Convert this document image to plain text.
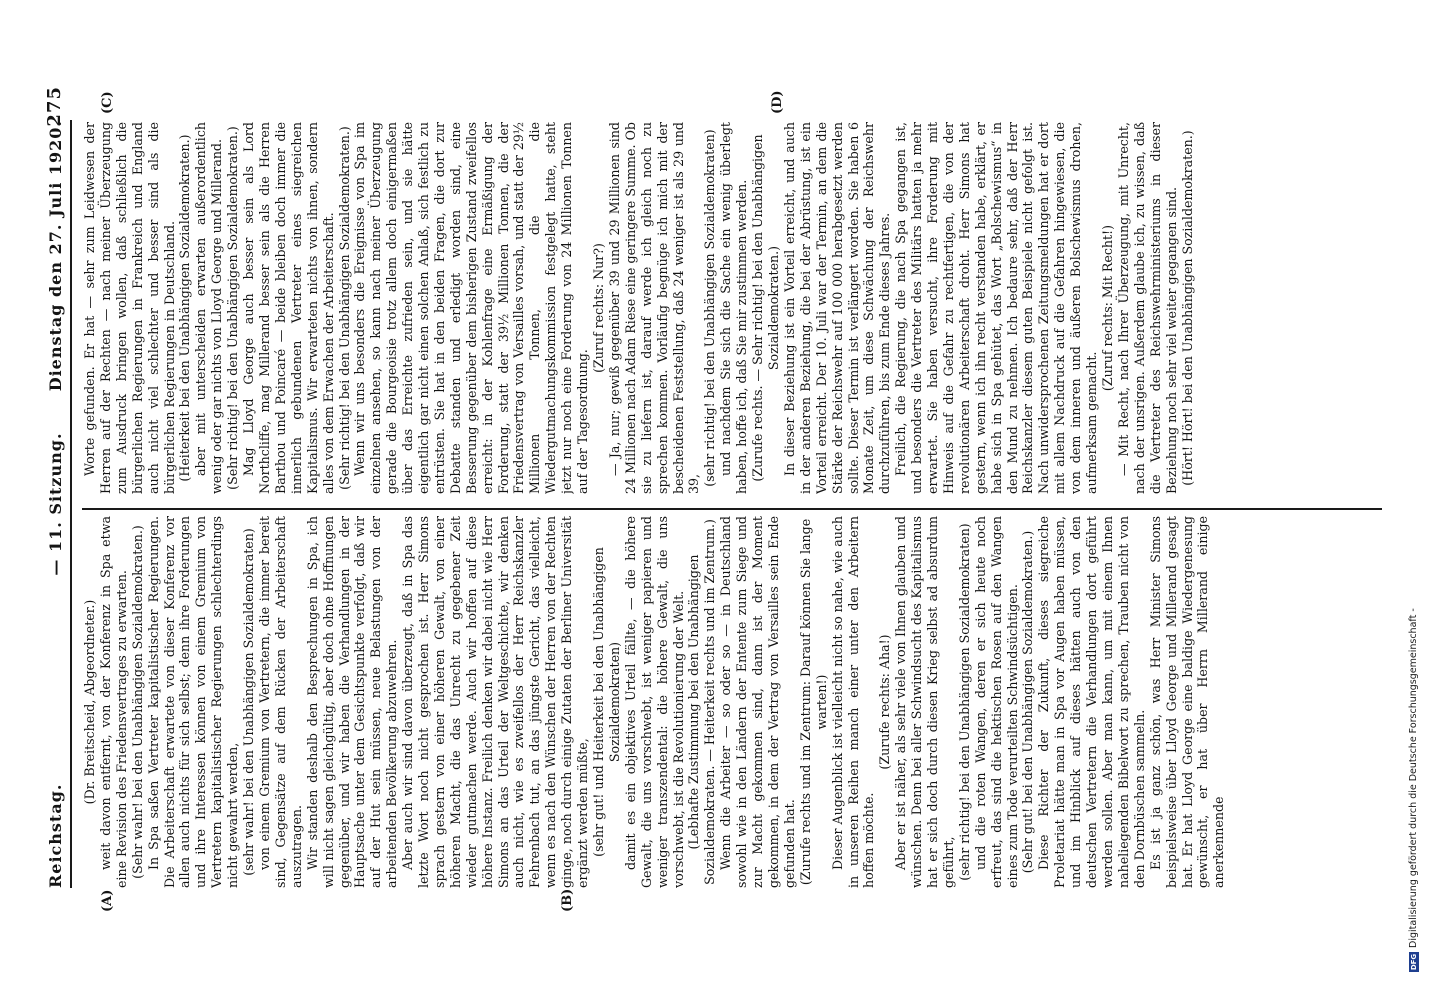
Reichstag.
— 11. Sitzung.
Dienstag den 27. Juli 1920.
275
(A)	(B)
(C)	(D)

(Dr. Breitscheid, Abgeordneter.) weit davon entfernt, von der Konferenz in Spa etwa eine Revision des Friedensvertrages zu erwarten. (Sehr wahr! bei den Unabhängigen Sozialdemokraten.) In Spa saßen Vertreter kapitalistischer Regierungen. Die Arbeiterschaft erwartete von dieser Konferenz vor allen auch nichts für sich selbst; denn ihre Forderungen und ihre Interessen können von einem Gremium von Vertretern kapitalistischer Regierungen schlechterdings nicht gewahrt werden, (sehr wahr! bei den Unabhängigen Sozialdemokraten) von einem Gremium von Vertretern, die immer bereit sind, Gegensätze auf dem Rücken der Arbeiterschaft auszutragen. Wir standen deshalb den Besprechungen in Spa, ich will nicht sagen gleichgültig, aber doch ohne Hoffnungen gegenüber, und wir haben die Verhandlungen in der Hauptsache unter dem Gesichtspunkte verfolgt, daß wir auf der Hut sein müssen, neue Belastungen von der arbeitenden Bevölkerung abzuwehren. Aber auch wir sind davon überzeugt, daß in Spa das letzte Wort noch nicht gesprochen ist. Herr Simons sprach gestern von einer höheren Gewalt, von einer höheren Macht, die das Unrecht zu gegebener Zeit wieder gutmachen werde. Auch wir hoffen auf diese höhere Instanz. Freilich denken wir dabei nicht wie Herr Simons an das Urteil der Weltgeschichte, wir denken auch nicht, wie es zweifellos der Herr Reichskanzler Fehrenbach tut, an das jüngste Gericht, das vielleicht, wenn es nach den Wünschen der Herren von der Rechten ginge, noch durch einige Zutaten der Berliner Universität ergänzt werden müßte, (sehr gut! und Heiterkeit bei den Unabhängigen Sozialdemokraten) damit es ein objektives Urteil fällte, — die höhere Gewalt, die uns vorschwebt, ist weniger papieren und weniger transzendental: die höhere Gewalt, die uns vorschwebt, ist die Revolutionierung der Welt. (Lebhafte Zustimmung bei den Unabhängigen Sozialdemokraten. — Heiterkeit rechts und im Zentrum.) Wenn die Arbeiter — so oder so — in Deutschland sowohl wie in den Ländern der Entente zum Siege und zur Macht gekommen sind, dann ist der Moment gekommen, in dem der Vertrag von Versailles sein Ende gefunden hat. (Zurufe rechts und im Zentrum: Darauf können Sie lange warten!) Dieser Augenblick ist vielleicht nicht so nahe, wie auch in unseren Reihen manch einer unter den Arbeitern hoffen möchte.

(Zurufe rechts: Aha!) Aber er ist näher, als sehr viele von Ihnen glauben und wünschen. Denn bei aller Schwindsucht des Kapitalismus hat er sich doch durch diesen Krieg selbst ad absurdum geführt, (sehr richtig! bei den Unabhängigen Sozialdemokraten) und die roten Wangen, deren er sich heute noch erfreut, das sind die hektischen Rosen auf den Wangen eines zum Tode verurteilten Schwindsüchtigen. (Sehr gut! bei den Unabhängigen Sozialdemokraten.) Diese Richter der Zukunft, dieses siegreiche Proletariat hätte man in Spa vor Augen haben müssen, und im Hinblick auf dieses hätten auch von den deutschen Vertretern die Verhandlungen dort geführt werden sollen. Aber man kann, um mit einem Ihnen naheliegenden Bibelwort zu sprechen, Trauben nicht von den Dornbüschen sammeln. Es ist ja ganz schön, was Herr Minister Simons beispielsweise über Lloyd George und Millerand gesagt hat. Er hat Lloyd George eine baldige Wiedergenesung gewünscht, er hat über Herrn Millerand einige anerkennende

Worte gefunden. Er hat — sehr zum Leidwesen der Herren auf der Rechten — nach meiner Überzeugung zum Ausdruck bringen wollen, daß schließlich die bürgerlichen Regierungen in Frankreich und England auch nicht viel schlechter und besser sind als die bürgerlichen Regierungen in Deutschland. (Heiterkeit bei den Unabhängigen Sozialdemokraten.) aber mit unterscheiden erwarten außerordentlich wenig oder gar nichts von Lloyd George und Millerand. (Sehr richtig! bei den Unabhängigen Sozialdemokraten.) Mag Lloyd George auch besser sein als Lord Northcliffe, mag Millerand besser sein als die Herren Barthou und Poincaré — beide bleiben doch immer die innerlich gebundenen Vertreter eines siegreichen Kapitalismus. Wir erwarteten nichts von ihnen, sondern alles von dem Erwachen der Arbeiterschaft. (Sehr richtig! bei den Unabhängigen Sozialdemokraten.) Wenn wir uns besonders die Ereignisse von Spa im einzelnen ansehen, so kann nach meiner Überzeugung gerade die Bourgeoisie trotz allem doch einigermaßen über das Erreichte zufrieden sein, und sie hätte eigentlich gar nicht einen solchen Anlaß, sich festlich zu entrüsten. Sie hat in den beiden Fragen, die dort zur Debatte standen und erledigt worden sind, eine Besserung gegenüber dem bisherigen Zustand zweifellos erreicht: in der Kohlenfrage eine Ermäßigung der Forderung, statt der 39½ Millionen Tonnen, die der Friedensvertrag von Versailles vorsah, und statt der 29½ Millionen Tonnen, die die Wiedergutmachungskommission festgelegt hatte, steht jetzt nur noch eine Forderung von 24 Millionen Tonnen auf der Tagesordnung.

(Zuruf rechts: Nur?) — Ja, nur; gewiß gegenüber 39 und 29 Millionen sind 24 Millionen nach Adam Riese eine geringere Summe. Ob sie zu liefern ist, darauf werde ich gleich noch zu sprechen kommen. Vorläufig begnüge ich mich mit der bescheidenen Feststellung, daß 24 weniger ist als 29 und 39, (sehr richtig! bei den Unabhängigen Sozialdemokraten) und nachdem Sie sich die Sache ein wenig überlegt haben, hoffe ich, daß Sie mir zustimmen werden. (Zurufe rechts. — Sehr richtig! bei den Unabhängigen Sozialdemokraten.) In dieser Beziehung ist ein Vorteil erreicht, und auch in der anderen Beziehung, die bei der Abrüstung, ist ein Vorteil erreicht. Der 10. Juli war der Termin, an dem die Stärke der Reichswehr auf 100 000 herabgesetzt werden sollte. Dieser Termin ist verlängert worden. Sie haben 6 Monate Zeit, um diese Schwächung der Reichswehr durchzuführen, bis zum Ende dieses Jahres. Freilich, die Regierung, die nach Spa gegangen ist, und besonders die Vertreter des Militärs hatten ja mehr erwartet. Sie haben versucht, ihre Forderung mit Hinweis auf die Gefahr zu rechtfertigen, die von der revolutionären Arbeiterschaft droht. Herr Simons hat gestern, wenn ich ihn recht verstanden habe, erklärt, er habe sich in Spa gehütet, das Wort „Bolschewismus“ in den Mund zu nehmen. Ich bedaure sehr, daß der Herr Reichskanzler diesem guten Beispiele nicht gefolgt ist. Nach unwidersprochenen Zeitungsmeldungen hat er dort mit allem Nachdruck auf die Gefahren hingewiesen, die von dem inneren und äußeren Bolschewismus drohen, aufmerksam gemacht.

(Zuruf rechts: Mit Recht!) — Mit Recht, nach Ihrer Überzeugung, mit Unrecht, nach der unsrigen. Außerdem glaube ich, zu wissen, daß die Vertreter des Reichswehrministeriums in dieser Beziehung noch sehr viel weiter gegangen sind. (Hört! Hört! bei den Unabhängigen Sozialdemokraten.)

DFGDigitalisierung gefördert durch die Deutsche Forschungsgemeinschaft -
